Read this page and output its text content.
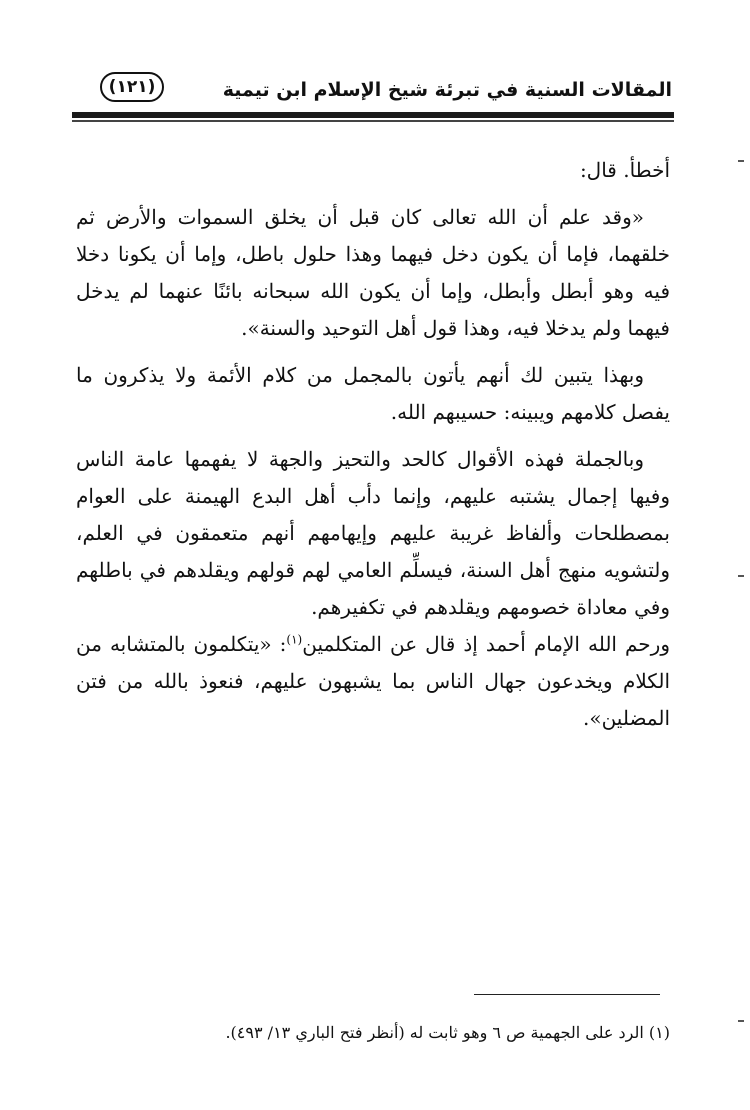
المقالات السنية في تبرئة شيخ الإسلام ابن تيمية
(١٢١)

أخطأ. قال:

«وقد علم أن الله تعالى كان قبل أن يخلق السموات والأرض ثم خلقهما، فإما أن يكون دخل فيهما وهذا حلول باطل، وإما أن يكونا دخلا فيه وهو أبطل وأبطل، وإما أن يكون الله سبحانه بائنًا عنهما لم يدخل فيهما ولم يدخلا فيه، وهذا قول أهل التوحيد والسنة».

وبهذا يتبين لك أنهم يأتون بالمجمل من كلام الأئمة ولا يذكرون ما يفصل كلامهم ويبينه: حسيبهم الله.

وبالجملة فهذه الأقوال كالحد والتحيز والجهة لا يفهمها عامة الناس وفيها إجمال يشتبه عليهم، وإنما دأب أهل البدع الهيمنة على العوام بمصطلحات وألفاظ غريبة عليهم وإيهامهم أنهم متعمقون في العلم، ولتشويه منهج أهل السنة، فيسلِّم العامي لهم قولهم ويقلدهم في باطلهم وفي معاداة خصومهم ويقلدهم في تكفيرهم.

ورحم الله الإمام أحمد إذ قال عن المتكلمين$^{(١)}$: «يتكلمون بالمتشابه من الكلام ويخدعون جهال الناس بما يشبهون عليهم، فنعوذ بالله من فتن المضلين».

(١) الرد على الجهمية ص ٦ وهو ثابت له (أنظر فتح الباري ١٣/ ٤٩٣).
